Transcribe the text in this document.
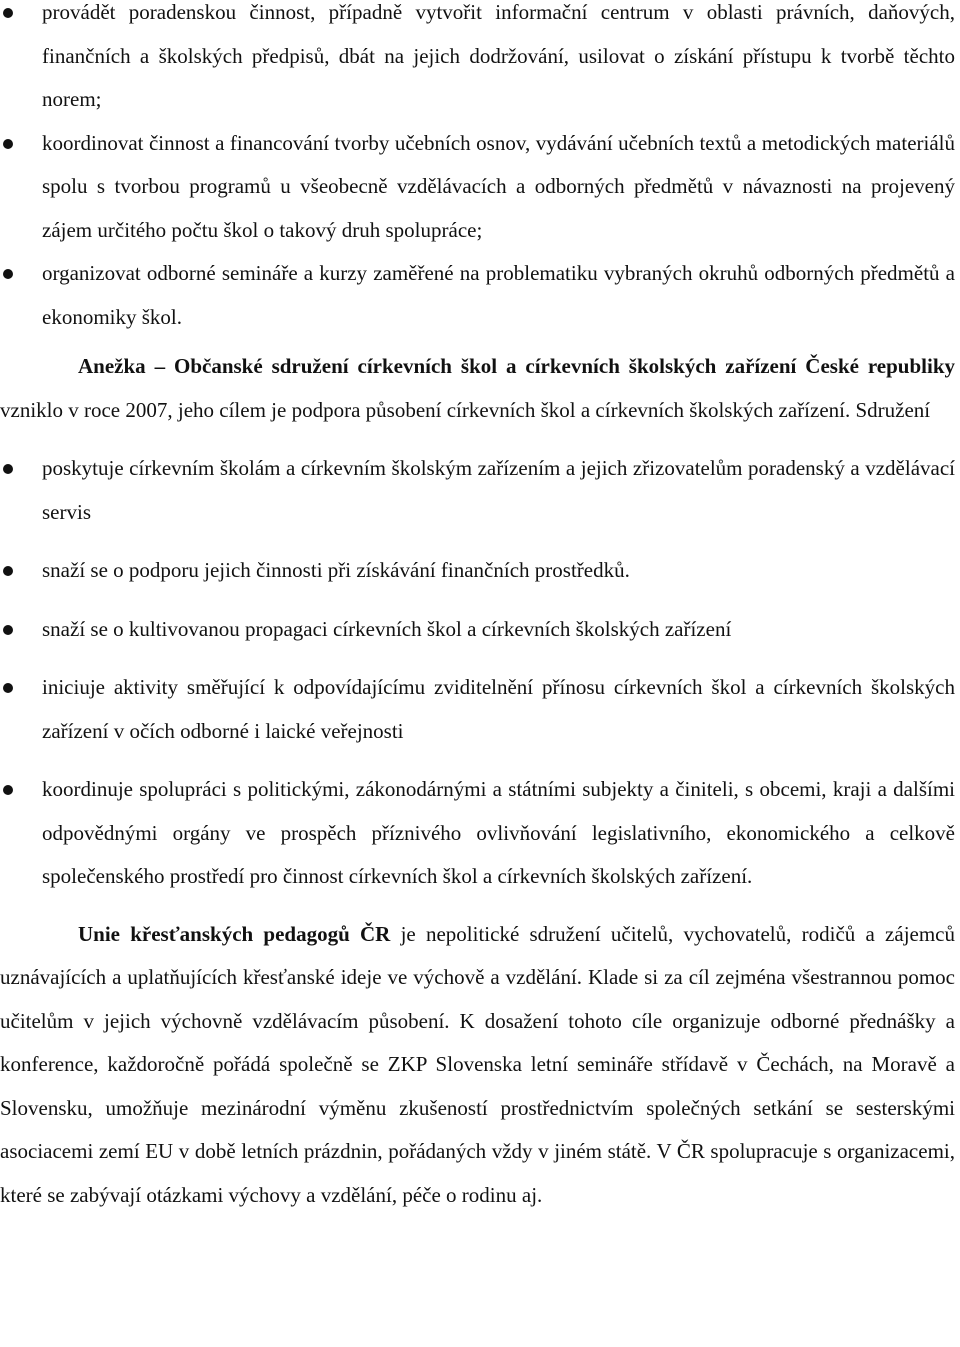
provádět poradenskou činnost, případně vytvořit informační centrum v oblasti právních, daňových, finančních a školských předpisů, dbát na jejich dodržování, usilovat o získání přístupu k tvorbě těchto norem;
koordinovat činnost a financování tvorby učebních osnov, vydávání učebních textů a metodických materiálů spolu s tvorbou programů u všeobecně vzdělávacích a odborných předmětů v návaznosti na projevený zájem určitého počtu škol o takový druh spolupráce;
organizovat odborné semináře a kurzy zaměřené na problematiku vybraných okruhů odborných předmětů a ekonomiky škol.

Anežka – Občanské sdružení církevních škol a církevních školských zařízení České republiky vzniklo v roce 2007, jeho cílem je podpora působení církevních škol a církevních školských zařízení. Sdružení

poskytuje církevním školám a církevním školským zařízením a jejich zřizovatelům poradenský a vzdělávací servis
snaží se o podporu jejich činnosti při získávání finančních prostředků.
snaží se o kultivovanou propagaci církevních škol a církevních školských zařízení
iniciuje aktivity směřující k odpovídajícímu zviditelnění přínosu církevních škol a církevních školských zařízení v očích odborné i laické veřejnosti
koordinuje spolupráci s politickými, zákonodárnými a státními subjekty a činiteli, s obcemi, kraji a dalšími odpovědnými orgány ve prospěch příznivého ovlivňování legislativního, ekonomického a celkově společenského prostředí pro činnost církevních škol a církevních školských zařízení.

Unie křesťanských pedagogů ČR je nepolitické sdružení učitelů, vychovatelů, rodičů a zájemců uznávajících a uplatňujících křesťanské ideje ve výchově a vzdělání. Klade si za cíl zejména všestrannou pomoc učitelům v jejich výchovně vzdělávacím působení. K dosažení tohoto cíle organizuje odborné přednášky a konference, každoročně pořádá společně se ZKP Slovenska letní semináře střídavě v Čechách, na Moravě a Slovensku, umožňuje mezinárodní výměnu zkušeností prostřednictvím společných setkání se sesterskými asociacemi zemí EU v době letních prázdnin, pořádaných vždy v jiném státě. V ČR spolupracuje s organizacemi, které se zabývají otázkami výchovy a vzdělání, péče o rodinu aj.
